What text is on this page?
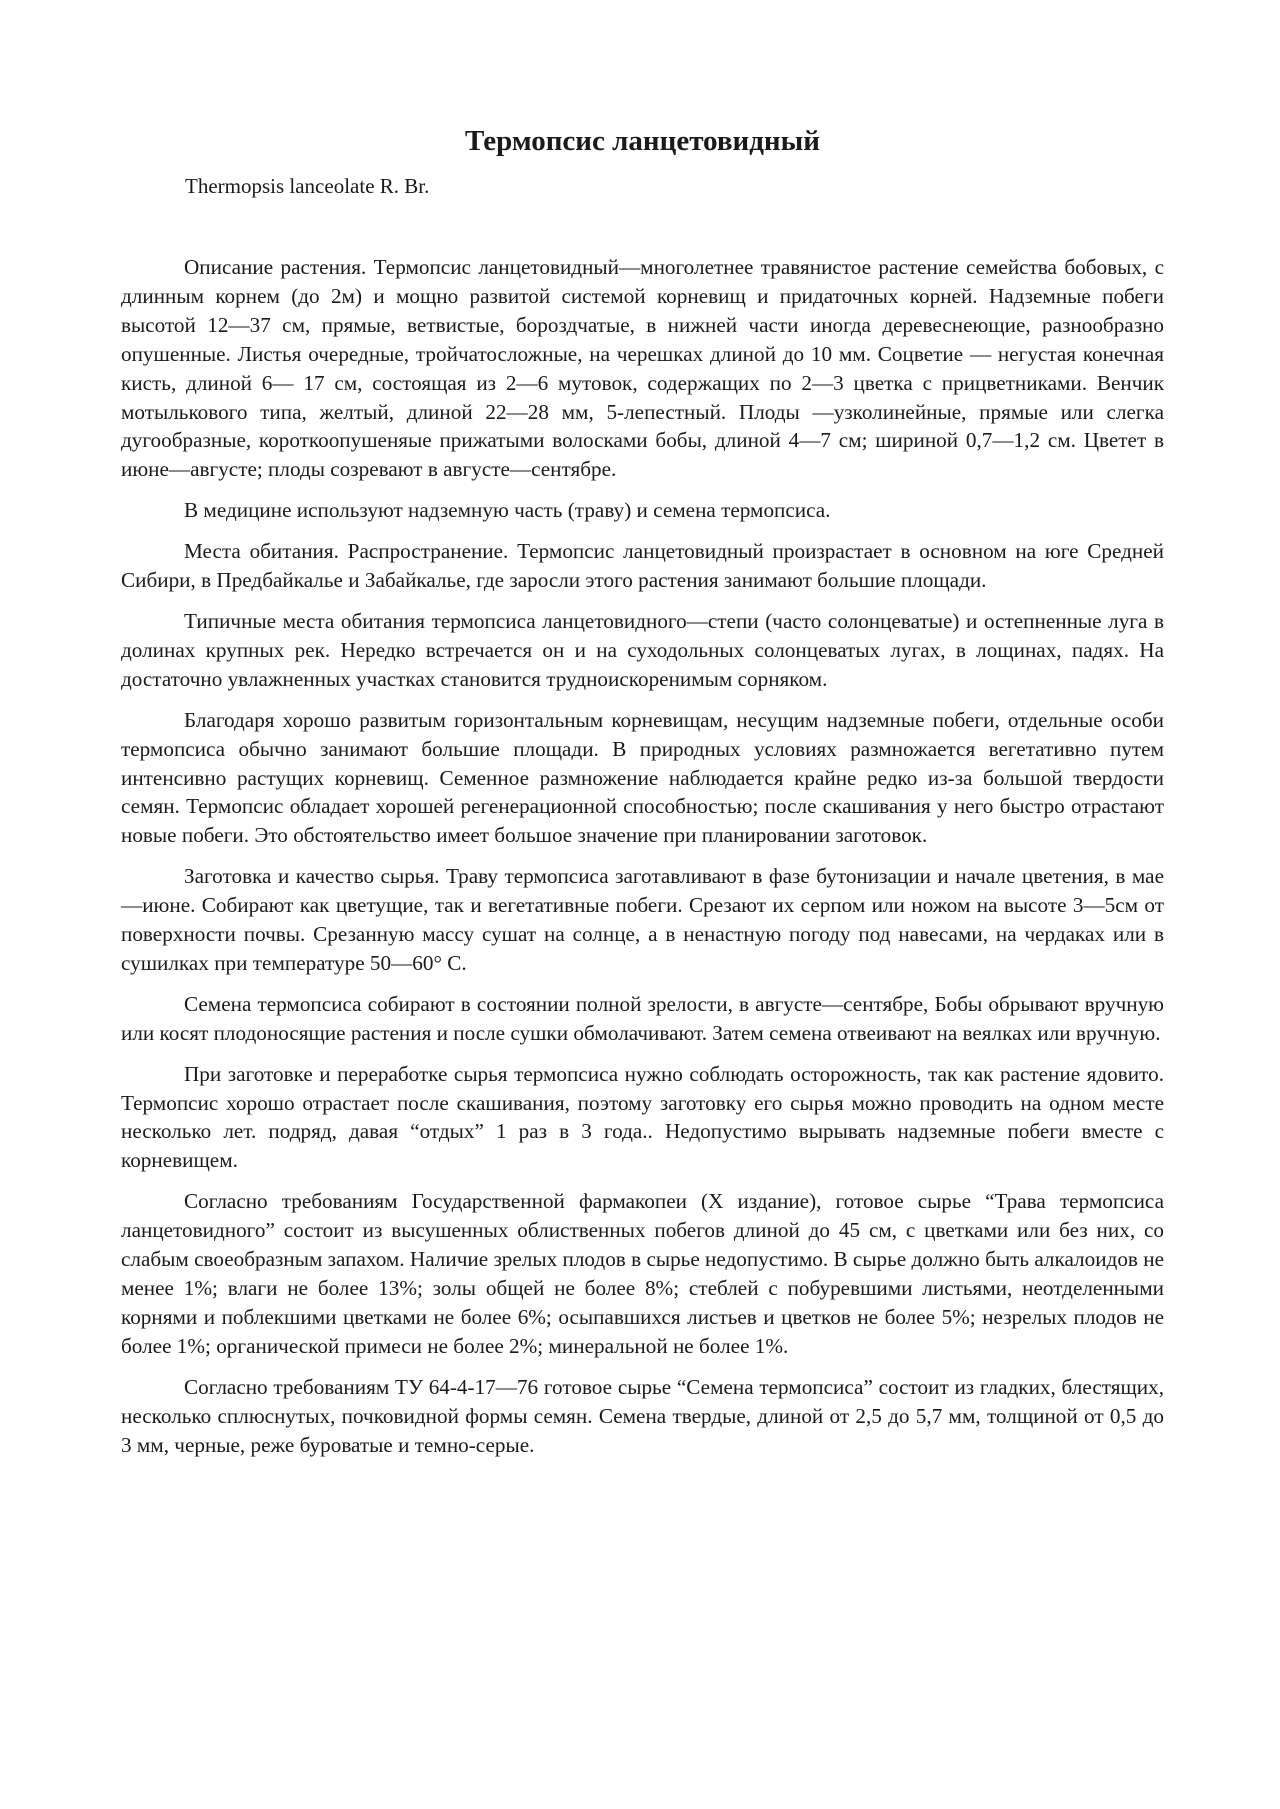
Термопсис ланцетовидный
Thermopsis lanceolate R. Br.

Описание растения. Термопсис ланцетовидный—многолетнее травянистое растение семейства бобовых, с длинным корнем (до 2м) и мощно развитой системой корневищ и придаточных корней. Надземные побеги высотой 12—37 см, прямые, ветвистые, бороздчатые, в нижней части иногда деревеснеющие, разнообразно опушенные. Листья очередные, тройчатосложные, на черешках длиной до 10 мм. Соцветие — негустая конечная кисть, длиной 6— 17 см, состоящая из 2—6 мутовок, содержащих по 2—3 цветка с прицветниками. Венчик мотылькового типа, желтый, длиной 22—28 мм, 5-лепестный. Плоды —узколинейные, прямые или слегка дугообразные, короткоопушеняые прижатыми волосками бобы, длиной 4—7 см; шириной 0,7—1,2 см. Цветет в июне—августе; плоды созревают в августе—сентябре.

В медицине используют надземную часть (траву) и семена термопсиса.

Места обитания. Распространение. Термопсис ланцетовидный произрастает в основном на юге Средней Сибири, в Предбайкалье и Забайкалье, где заросли этого растения занимают большие площади.

Типичные места обитания термопсиса ланцетовидного—степи (часто солонцеватые) и остепненные луга в долинах крупных рек. Нередко встречается он и на суходольных солонцеватых лугах, в лощинах, падях. На достаточно увлажненных участках становится трудноискоренимым сорняком.

Благодаря хорошо развитым горизонтальным корневищам, несущим надземные побеги, отдельные особи термопсиса обычно занимают большие площади. В природных условиях размножается вегетативно путем интенсивно растущих корневищ. Семенное размножение наблюдается крайне редко из-за большой твердости семян. Термопсис обладает хорошей регенерационной способностью; после скашивания у него быстро отрастают новые побеги. Это обстоятельство имеет большое значение при планировании заготовок.

Заготовка и качество сырья. Траву термопсиса заготавливают в фазе бутонизации и начале цветения, в мае—июне. Собирают как цветущие, так и вегетативные побеги. Срезают их серпом или ножом на высоте 3—5см от поверхности почвы. Срезанную массу сушат на солнце, а в ненастную погоду под навесами, на чердаках или в сушилках при температуре 50—60° С.

Семена термопсиса собирают в состоянии полной зрелости, в августе—сентябре, Бобы обрывают вручную или косят плодоносящие растения и после сушки обмолачивают. Затем семена отвеивают на веялках или вручную.

При заготовке и переработке сырья термопсиса нужно соблюдать осторожность, так как растение ядовито. Термопсис хорошо отрастает после скашивания, поэтому заготовку его сырья можно проводить на одном месте несколько лет. подряд, давая “отдых” 1 раз в 3 года.. Недопустимо вырывать надземные побеги вместе с корневищем.

Согласно требованиям Государственной фармакопеи (X издание), готовое сырье “Трава термопсиса ланцетовидного” состоит из высушенных облиственных побегов длиной до 45 см, с цветками или без них, со слабым своеобразным запахом. Наличие зрелых плодов в сырье недопустимо. В сырье должно быть алкалоидов не менее 1%; влаги не более 13%; золы общей не более 8%; стеблей с побуревшими листьями, неотделенными корнями и поблекшими цветками не более 6%; осыпавшихся листьев и цветков не более 5%; незрелых плодов не более 1%; органической примеси не более 2%; минеральной не более 1%.

Согласно требованиям ТУ 64-4-17—76 готовое сырье “Семена термопсиса” состоит из гладких, блестящих, несколько сплюснутых, почковидной формы семян. Семена твердые, длиной от 2,5 до 5,7 мм, толщиной от 0,5 до 3 мм, черные, реже буроватые и темно-серые.
